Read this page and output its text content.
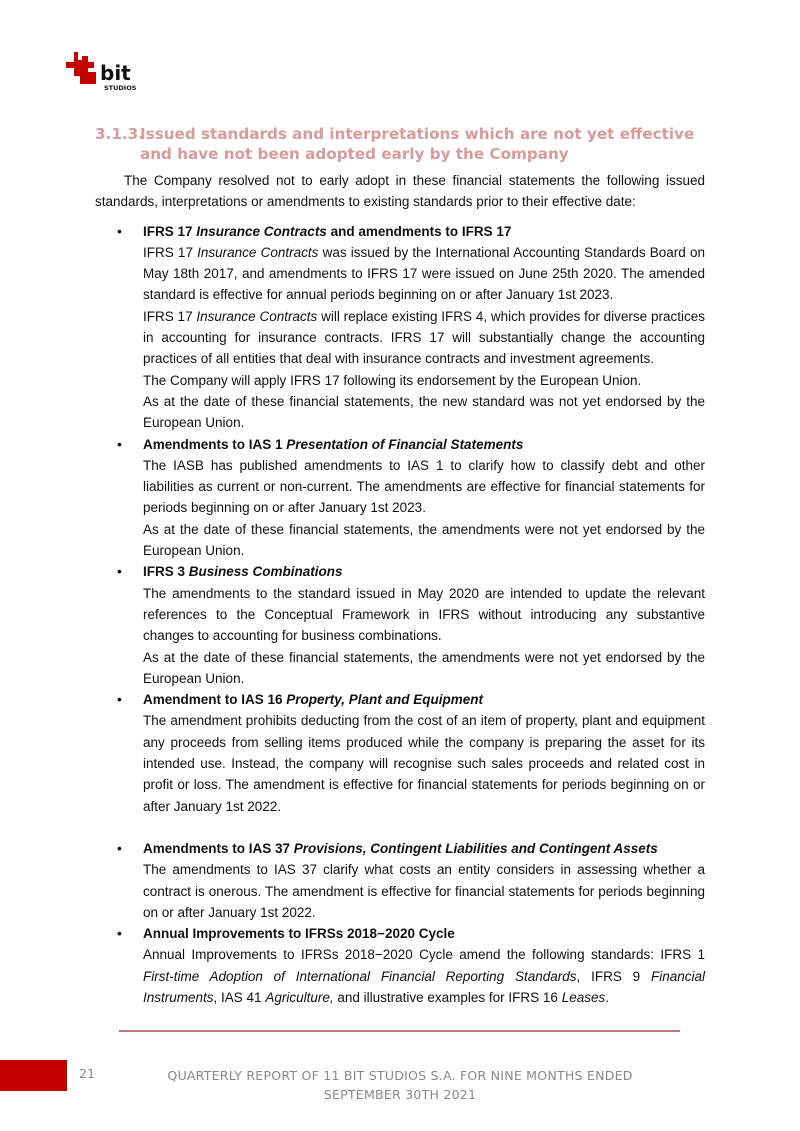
bit
STUDIOS
3.1.3.Issued standards and interpretations which are not yet effective
and have not been adopted early by the Company

The Company resolved not to early adopt in these financial statements the following issued standards, interpretations or amendments to existing standards prior to their effective date:

• IFRS 17 Insurance Contracts and amendments to IFRS 17

IFRS 17 Insurance Contracts was issued by the International Accounting Standards Board on May 18th 2017, and amendments to IFRS 17 were issued on June 25th 2020. The amended standard is effective for annual periods beginning on or after January 1st 2023.

IFRS 17 Insurance Contracts will replace existing IFRS 4, which provides for diverse practices in accounting for insurance contracts. IFRS 17 will substantially change the accounting practices of all entities that deal with insurance contracts and investment agreements.

The Company will apply IFRS 17 following its endorsement by the European Union.

As at the date of these financial statements, the new standard was not yet endorsed by the European Union.

• Amendments to IAS 1 Presentation of Financial Statements

The IASB has published amendments to IAS 1 to clarify how to classify debt and other liabilities as current or non-current. The amendments are effective for financial statements for periods beginning on or after January 1st 2023.

As at the date of these financial statements, the amendments were not yet endorsed by the European Union.

• IFRS 3 Business Combinations

The amendments to the standard issued in May 2020 are intended to update the relevant references to the Conceptual Framework in IFRS without introducing any substantive changes to accounting for business combinations.

As at the date of these financial statements, the amendments were not yet endorsed by the European Union.

• Amendment to IAS 16 Property, Plant and Equipment

The amendment prohibits deducting from the cost of an item of property, plant and equipment any proceeds from selling items produced while the company is preparing the asset for its intended use. Instead, the company will recognise such sales proceeds and related cost in profit or loss. The amendment is effective for financial statements for periods beginning on or after January 1st 2022.

• Amendments to IAS 37 Provisions, Contingent Liabilities and Contingent Assets

The amendments to IAS 37 clarify what costs an entity considers in assessing whether a contract is onerous. The amendment is effective for financial statements for periods beginning on or after January 1st 2022.

• Annual Improvements to IFRSs 2018−2020 Cycle

Annual Improvements to IFRSs 2018−2020 Cycle amend the following standards: IFRS 1 First-time Adoption of International Financial Reporting Standards, IFRS 9 Financial Instruments, IAS 41 Agriculture, and illustrative examples for IFRS 16 Leases.

21	QUARTERLY REPORT OF 11 BIT STUDIOS S.A. FOR NINE MONTHS ENDED
SEPTEMBER 30TH 2021
